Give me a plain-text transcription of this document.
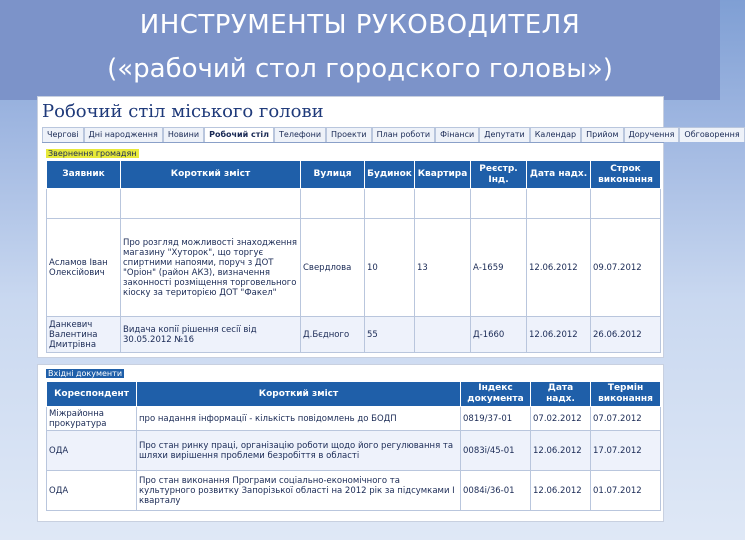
ИНСТРУМЕНТЫ РУКОВОДИТЕЛЯ
(«рабочий стол городского головы»)
Робочий стіл міського голови
Чергові	Дні народження	Новини	Робочий стіл	Телефони	Проекти	План роботи	Фінанси	Депутати	Календар	Прийом	Доручення	Обговорення
Звернення громадян
Заявник	Короткий зміст	Вулиця	Будинок	Квартира	Реєстр. Інд.	Дата надх.	Строк виконання

Асламов Іван Олексійович	Про розгляд можливості знаходження магазину "Хуторок", що торгує спиртними напоями, поруч з ДОТ "Оріон" (район АКЗ), визначення законності розміщення торговельного кіоску за територією ДОТ "Факел"	Свердлова	10	13	А-1659	12.06.2012	09.07.2012
Данкевич Валентина Дмитрівна	Видача копії рішення сесії від 30.05.2012 №16	Д.Бєдного	55		Д-1660	12.06.2012	26.06.2012
Вхідні документи
Кореспондент	Короткий зміст	Індекс документа	Дата надх.	Термін виконання
Міжрайонна прокуратура	про надання інформації - кількість повідомлень до БОДП	0819/37-01	07.02.2012	07.07.2012
ОДА	Про стан ринку праці, організацію роботи щодо його регулювання та шляхи вирішення проблеми безробіття в області	0083і/45-01	12.06.2012	17.07.2012
ОДА	Про стан виконання Програми соціально-економічного та культурного розвитку Запорізької області на 2012 рік за підсумками І кварталу	0084і/36-01	12.06.2012	01.07.2012
